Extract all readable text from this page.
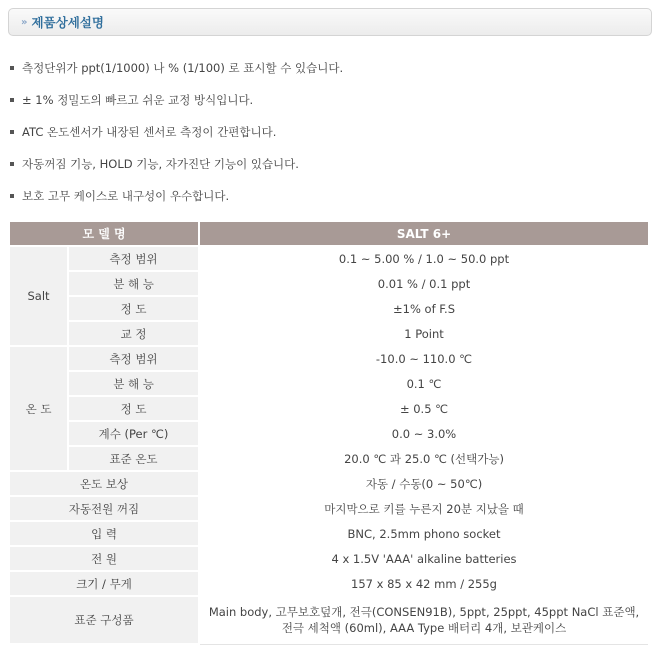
» 제품상세설명
측정단위가 ppt(1/1000) 나 % (1/100) 로 표시할 수 있습니다.
± 1% 정밀도의 빠르고 쉬운 교정 방식입니다.
ATC 온도센서가 내장된 센서로 측정이 간편합니다.
자동꺼짐 기능, HOLD 기능, 자가진단 기능이 있습니다.
보호 고무 케이스로 내구성이 우수합니다.
모 델 명		SALT 6+
Salt	측정 범위	0.1 ~ 5.00 % / 1.0 ~ 50.0 ppt
	분 해 능	0.01 % / 0.1 ppt
	정 도	±1% of F.S
	교 정	1 Point
온 도	측정 범위	-10.0 ~ 110.0 ℃
	분 해 능	0.1 ℃
	정 도	± 0.5 ℃
	계수 (Per ℃)	0.0 ~ 3.0%
	표준 온도	20.0 ℃ 과 25.0 ℃ (선택가능)
온도 보상		자동 / 수동(0 ~ 50℃)
자동전원 꺼짐		마지막으로 키를 누른지 20분 지났을 때
입 력		BNC, 2.5mm phono socket
전 원		4 x 1.5V 'AAA' alkaline batteries
크기 / 무게		157 x 85 x 42 mm / 255g
표준 구성품		Main body, 고무보호덮개, 전극(CONSEN91B), 5ppt, 25ppt, 45ppt NaCl 표준액, 전극 세척액 (60ml), AAA Type 배터리 4개, 보관케이스
